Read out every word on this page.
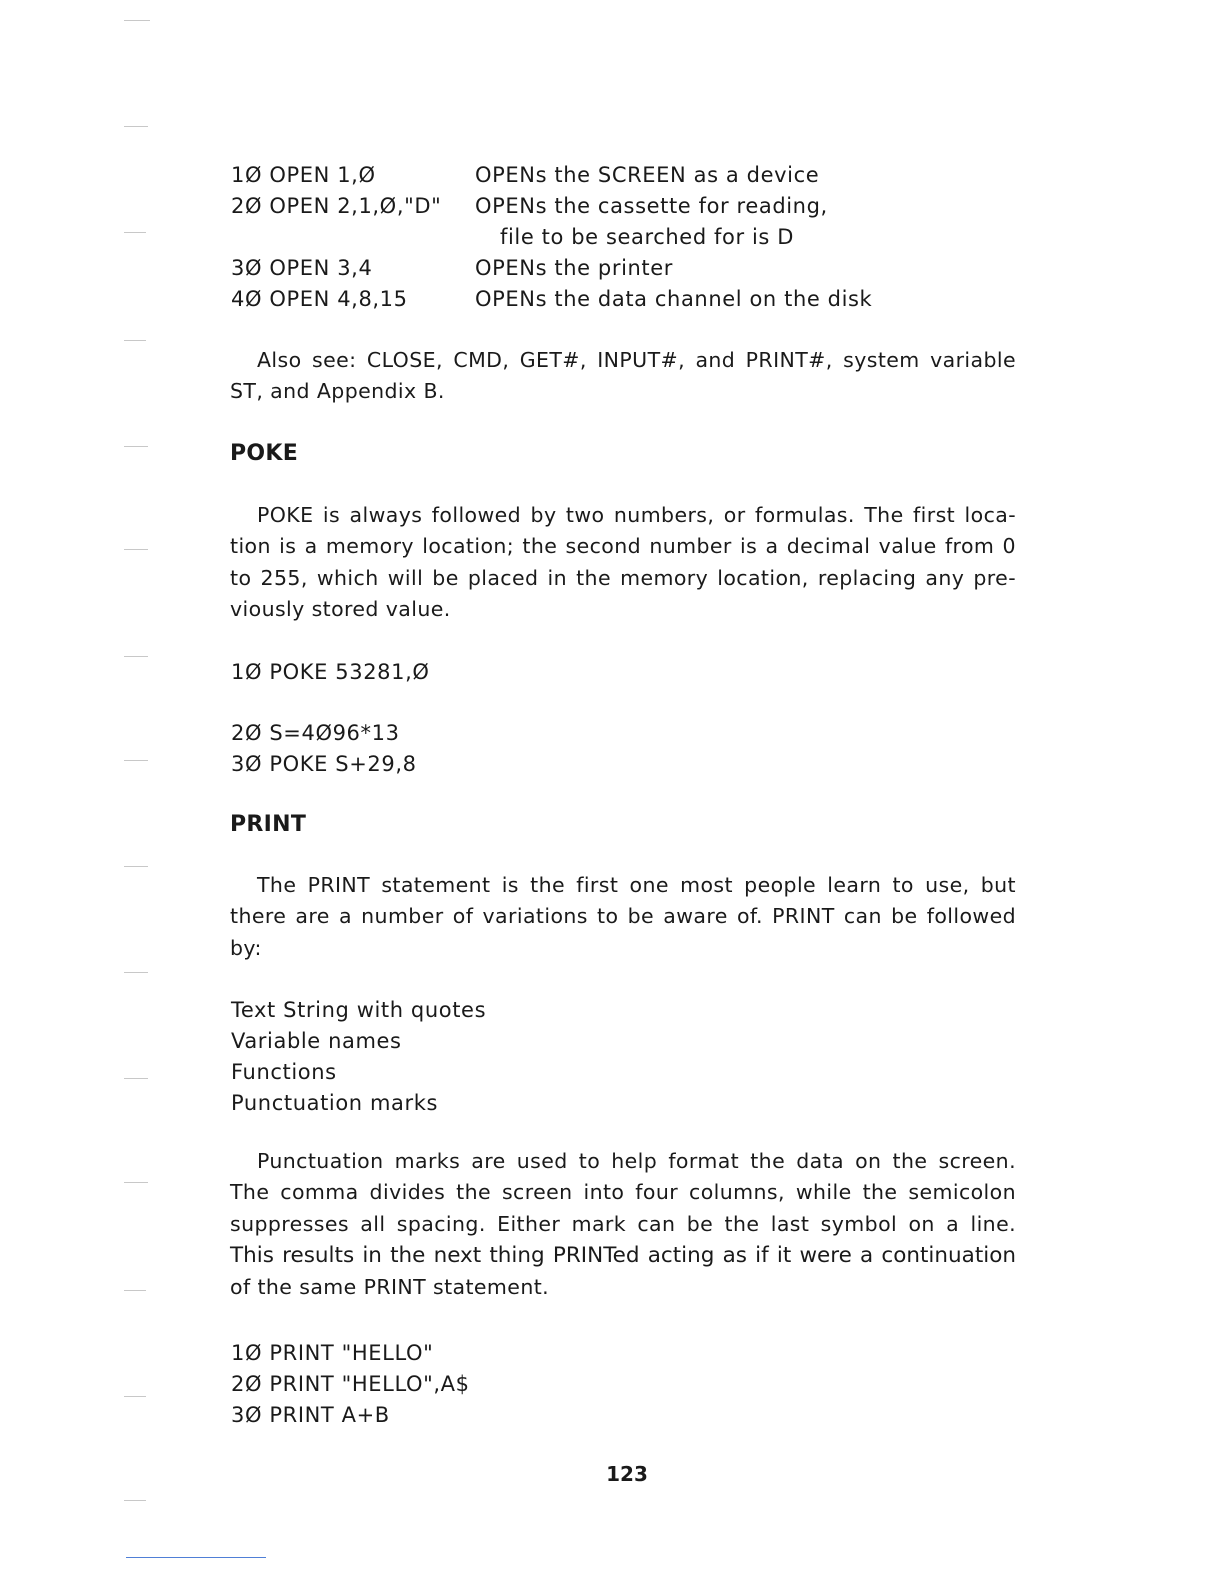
1Ø OPEN 1,Ø	OPENs the SCREEN as a device
2Ø OPEN 2,1,Ø,"D" OPENs the cassette for reading,
file to be searched for is D
3Ø OPEN 3,4	OPENs the printer
4Ø OPEN 4,8,15	OPENs the data channel on the disk
Also see: CLOSE, CMD, GET#, INPUT#, and PRINT#, system variable
ST, and Appendix B.
POKE
POKE is always followed by two numbers, or formulas. The first loca-
tion is a memory location; the second number is a decimal value from 0
to 255, which will be placed in the memory location, replacing any pre-
viously stored value.
1Ø POKE 53281,Ø
2Ø S=4Ø96*13
3Ø POKE S+29,8
PRINT
The PRINT statement is the first one most people learn to use, but
there are a number of variations to be aware of. PRINT can be followed
by:
Text String with quotes
Variable names
Functions
Punctuation marks
Punctuation marks are used to help format the data on the screen.
The comma divides the screen into four columns, while the semicolon
suppresses all spacing. Either mark can be the last symbol on a line.
This results in the next thing PRINTed acting as if it were a continuation
of the same PRINT statement.
1Ø PRINT "HELLO"
2Ø PRINT "HELLO",A$
3Ø PRINT A+B
123
